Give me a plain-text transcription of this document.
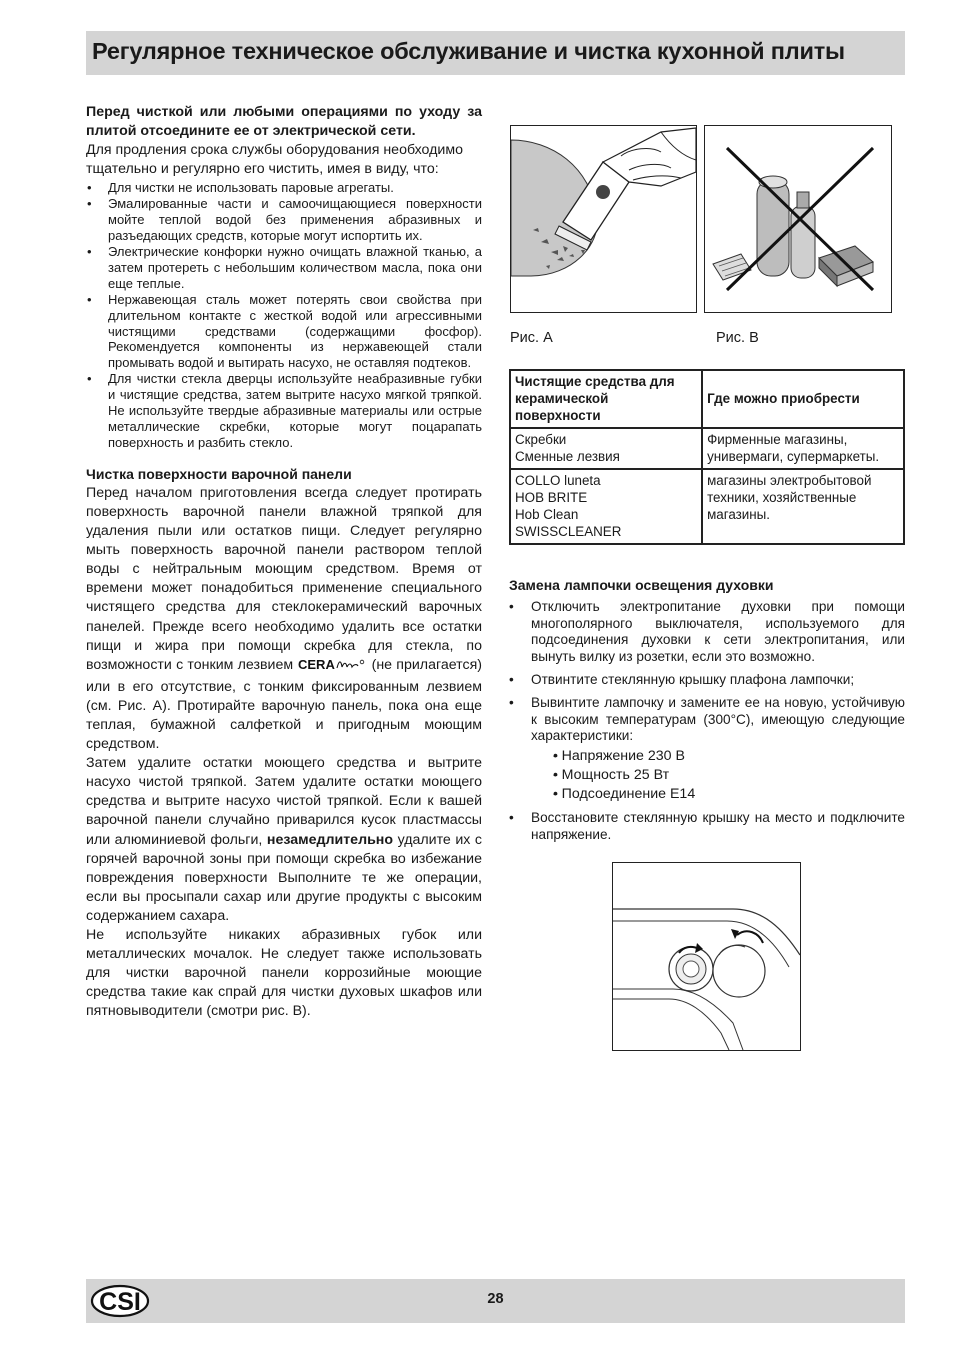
Регулярное техническое обслуживание и чистка кухонной плиты

Перед чисткой или любыми операциями по уходу за плитой отсоедините ее от электрической сети.

Для продления срока службы оборудования необходимо тщательно и регулярно его чистить, имея в виду, что:

• Для чистки не использовать паровые агрегаты.
• Эмалированные части и самоочищающиеся поверхности мойте теплой водой без применения абразивных и разъедающих средств, которые могут испортить их.
• Электрические конфорки нужно очищать влажной тканью, а затем протереть с небольшим количеством масла, пока они еще теплые.
• Нержавеющая сталь может потерять свои свойства при длительном контакте с жесткой водой или агрессивными чистящими средствами (содержащими фосфор). Рекомендуется компоненты из нержавеющей стали промывать водой и вытирать насухо, не оставляя подтеков.
• Для чистки стекла дверцы используйте неабразивные губки и чистящие средства, затем вытрите насухо мягкой тряпкой. Не используйте твердые абразивные материалы или острые металлические скребки, которые могут поцарапать поверхность и разбить стекло.

Чистка поверхности варочной панели

Перед началом приготовления всегда следует протирать поверхность варочной панели влажной тряпкой для удаления пыли или остатков пищи. Следует регулярно мыть поверхность варочной панели раствором теплой воды с нейтральным моющим средством. Время от времени может понадобиться применение специального чистящего средства для стеклокерамический варочных панелей. Прежде всего необходимо удалить все остатки пищи и жира при помощи скребка для стекла, по возможности с тонким лезвием CERA	(не прилагается) или в его отсутствие, с тонким фиксированным лезвием (см. Рис. А). Протирайте варочную панель, пока она еще теплая, бумажной салфеткой и пригодным моющим средством.

Затем удалите остатки моющего средства и вытрите насухо чистой тряпкой. Затем удалите остатки моющего средства и вытрите насухо чистой тряпкой. Если к вашей варочной панели случайно приварился кусок пластмассы или алюминиевой фольги, незамедлительно удалите их с горячей варочной зоны при помощи скребка во избежание повреждения поверхности Выполните те же операции, если вы просыпали сахар или другие продукты с высоким содержанием сахара.

Не используйте никаких абразивных губок или металлических мочалок. Не следует также использовать для чистки варочной панели коррозийные моющие средства такие как спрай для чистки духовых шкафов или пятновыводители (смотри рис. В).

Рис. А	Рис. В
Чистящие средства для керамической поверхности	Где можно приобрести

Скребки
Сменные лезвия	Фирменные магазины, универмаги, супермаркеты.

COLLO luneta
HOB BRITE
Hob Clean
SWISSCLEANER	магазины электробытовой техники, хозяйственные магазины.
Замена лампочки освещения духовки
• Отключить электропитание духовки при помощи многополярного выключателя, используемого для подсоединения духовки к сети электропитания, или вынуть вилку из розетки, если это возможно.
• Отвинтите стеклянную крышку плафона лампочки;
• Вывинтите лампочку и замените ее на новую, устойчивую к высоким температурам (300°С), имеющую следующие характеристики:
• - Напряжение 230 В
• - Мощность 25 Вт
• - Подсоединение E14
• Восстановите стеклянную крышку на место и подключите напряжение.
CSI	28
